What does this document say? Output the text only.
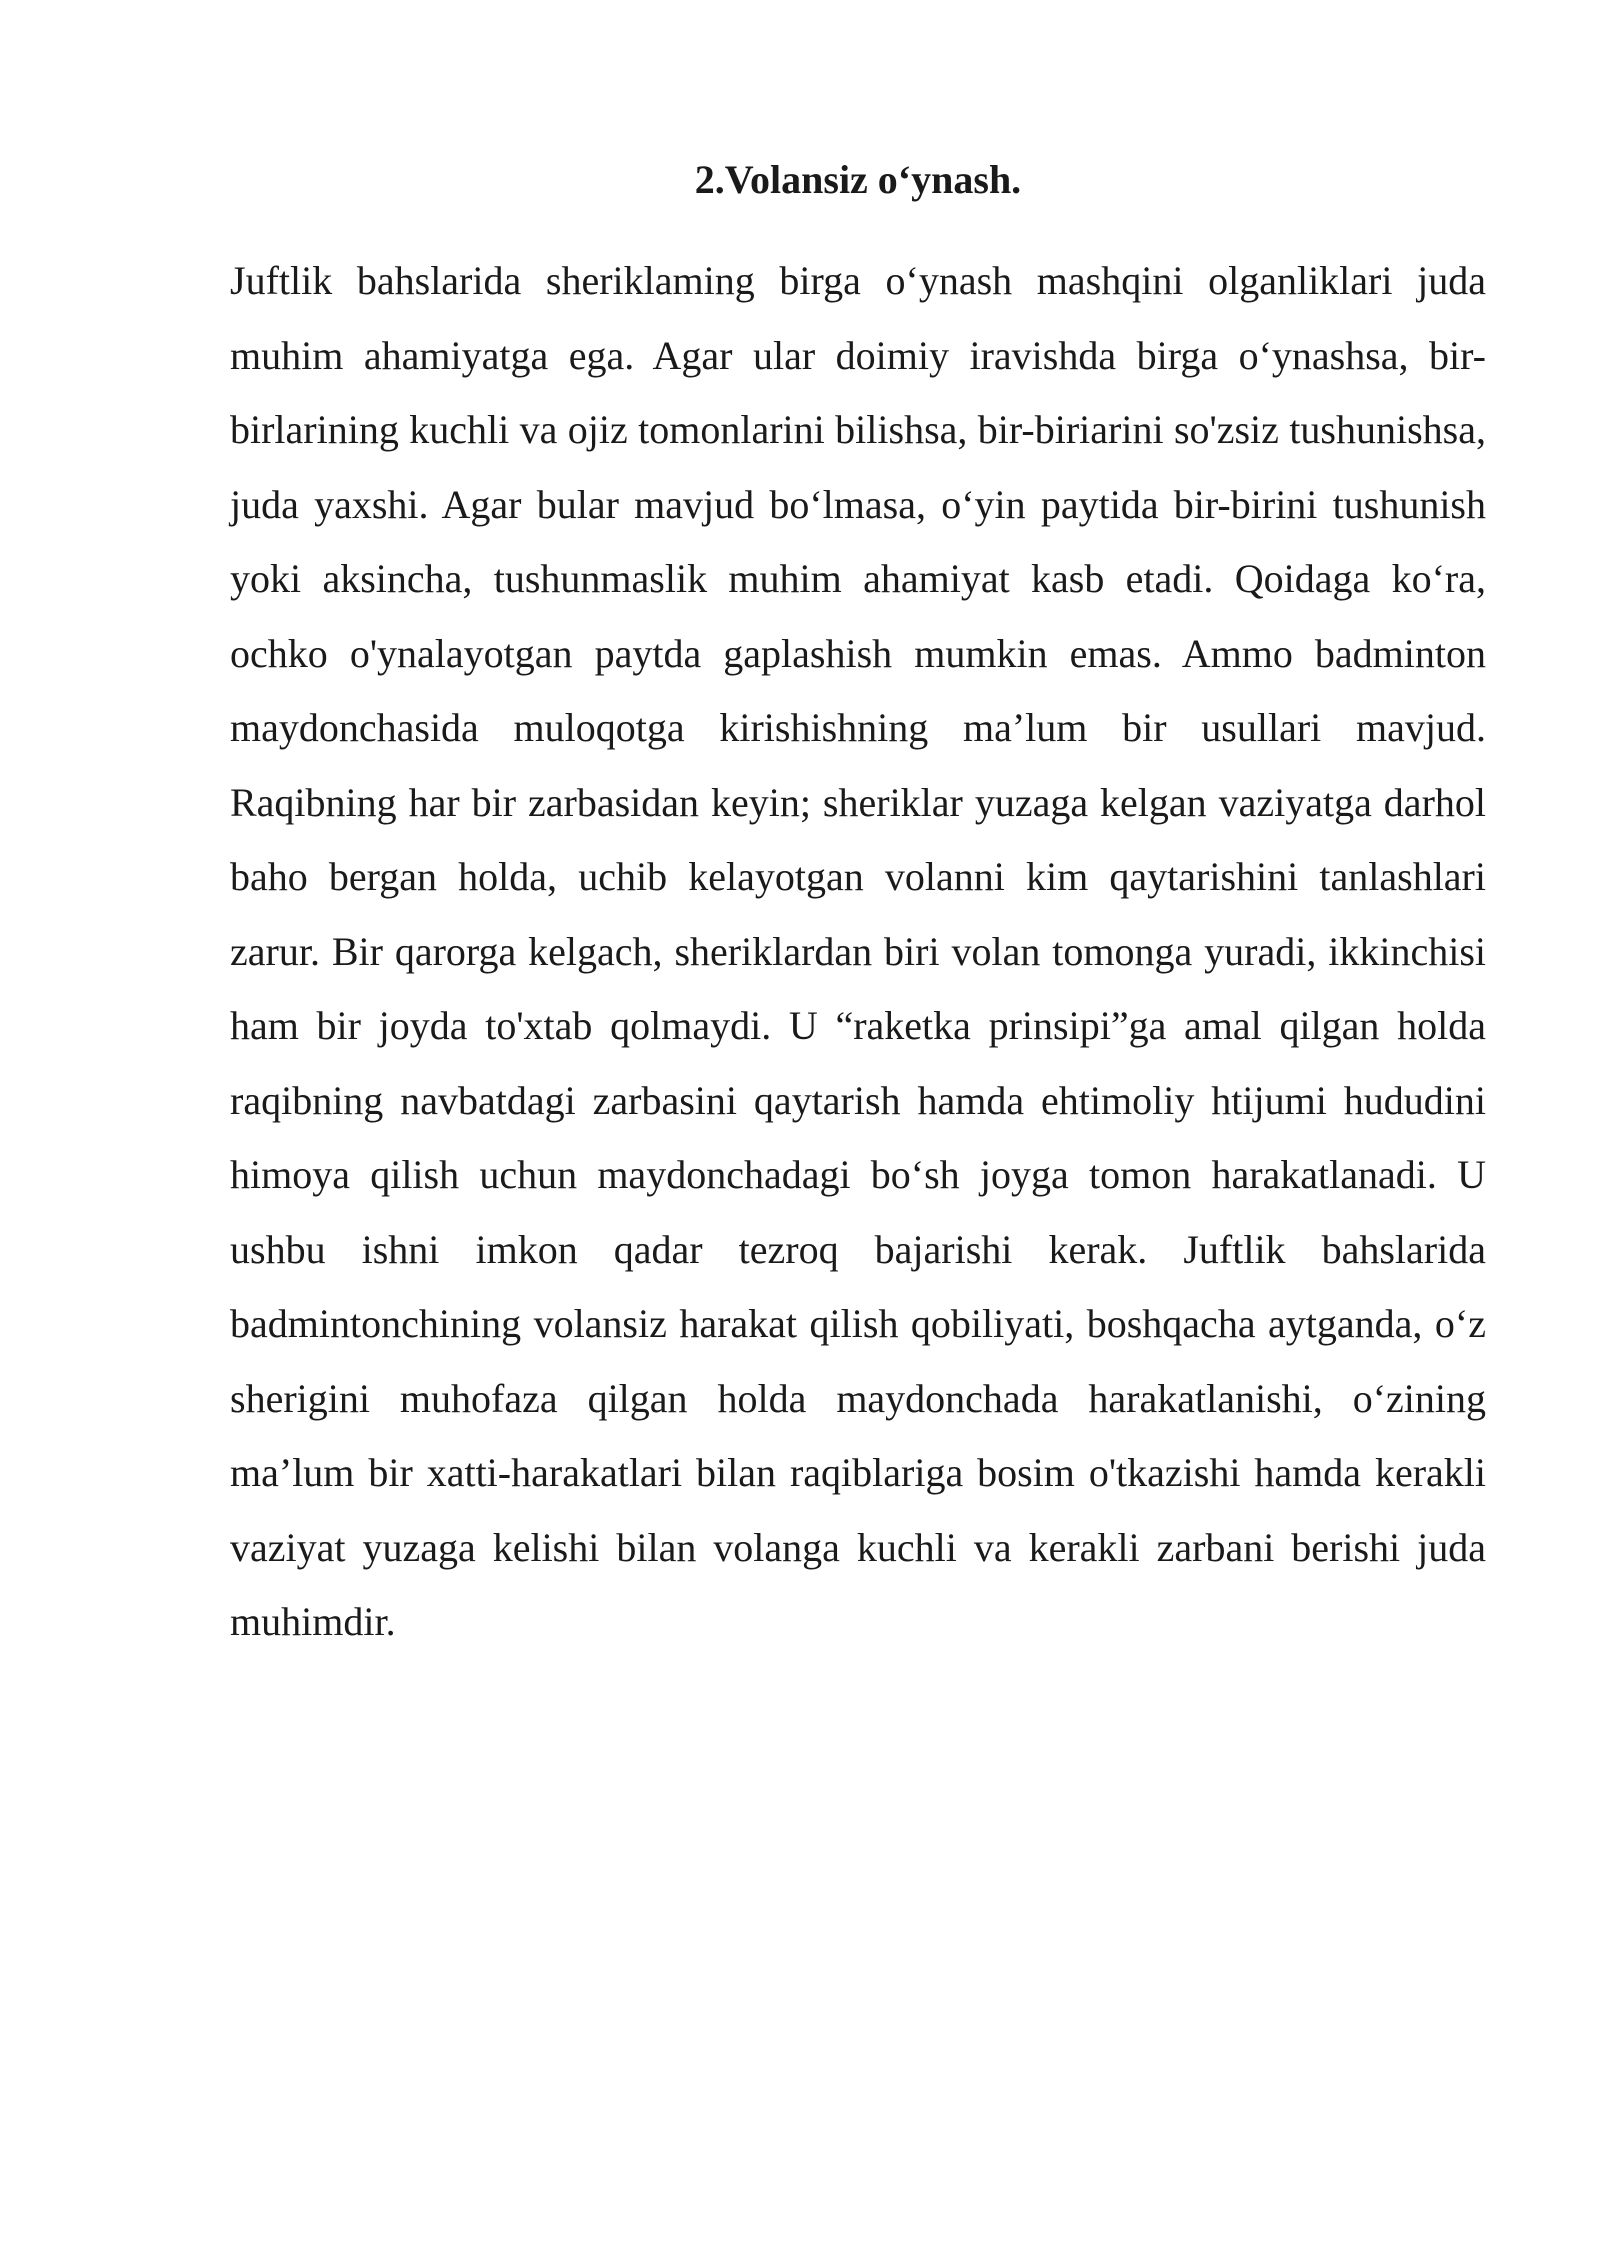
2.Volansiz o‘ynash.

Juftlik bahslarida sheriklaming birga o‘ynash mashqini olganliklari juda muhim ahamiyatga ega. Agar ular doimiy iravishda birga o‘ynashsa, bir-birlarining kuchli va ojiz tomonlarini bilishsa, bir-biriarini so'zsiz tushunishsa, juda yaxshi. Agar bular mavjud bo‘lmasa, o‘yin paytida bir-birini tushunish yoki aksincha, tushunmaslik muhim ahamiyat kasb etadi. Qoidaga ko‘ra, ochko o'ynalayotgan paytda gaplashish mumkin emas. Ammo badminton maydonchasida muloqotga kirishishning ma’lum bir usullari mavjud. Raqibning har bir zarbasidan keyin; sheriklar yuzaga kelgan vaziyatga darhol baho bergan holda, uchib kelayotgan volanni kim qaytarishini tanlashlari zarur. Bir qarorga kelgach, sheriklardan biri volan tomonga yuradi, ikkinchisi ham bir joyda to'xtab qolmaydi. U “raketka prinsipi”ga amal qilgan holda raqibning navbatdagi zarbasini qaytarish hamda ehtimoliy htijumi hududini himoya qilish uchun maydonchadagi bo‘sh joyga tomon harakatlanadi. U ushbu ishni imkon qadar tezroq bajarishi kerak. Juftlik bahslarida badmintonchining volansiz harakat qilish qobiliyati, boshqacha aytganda, o‘z sherigini muhofaza qilgan holda maydonchada harakatlanishi, o‘zining ma’lum bir xatti-harakatlari bilan raqiblariga bosim o'tkazishi hamda kerakli vaziyat yuzaga kelishi bilan volanga kuchli va kerakli zarbani berishi juda muhimdir.
